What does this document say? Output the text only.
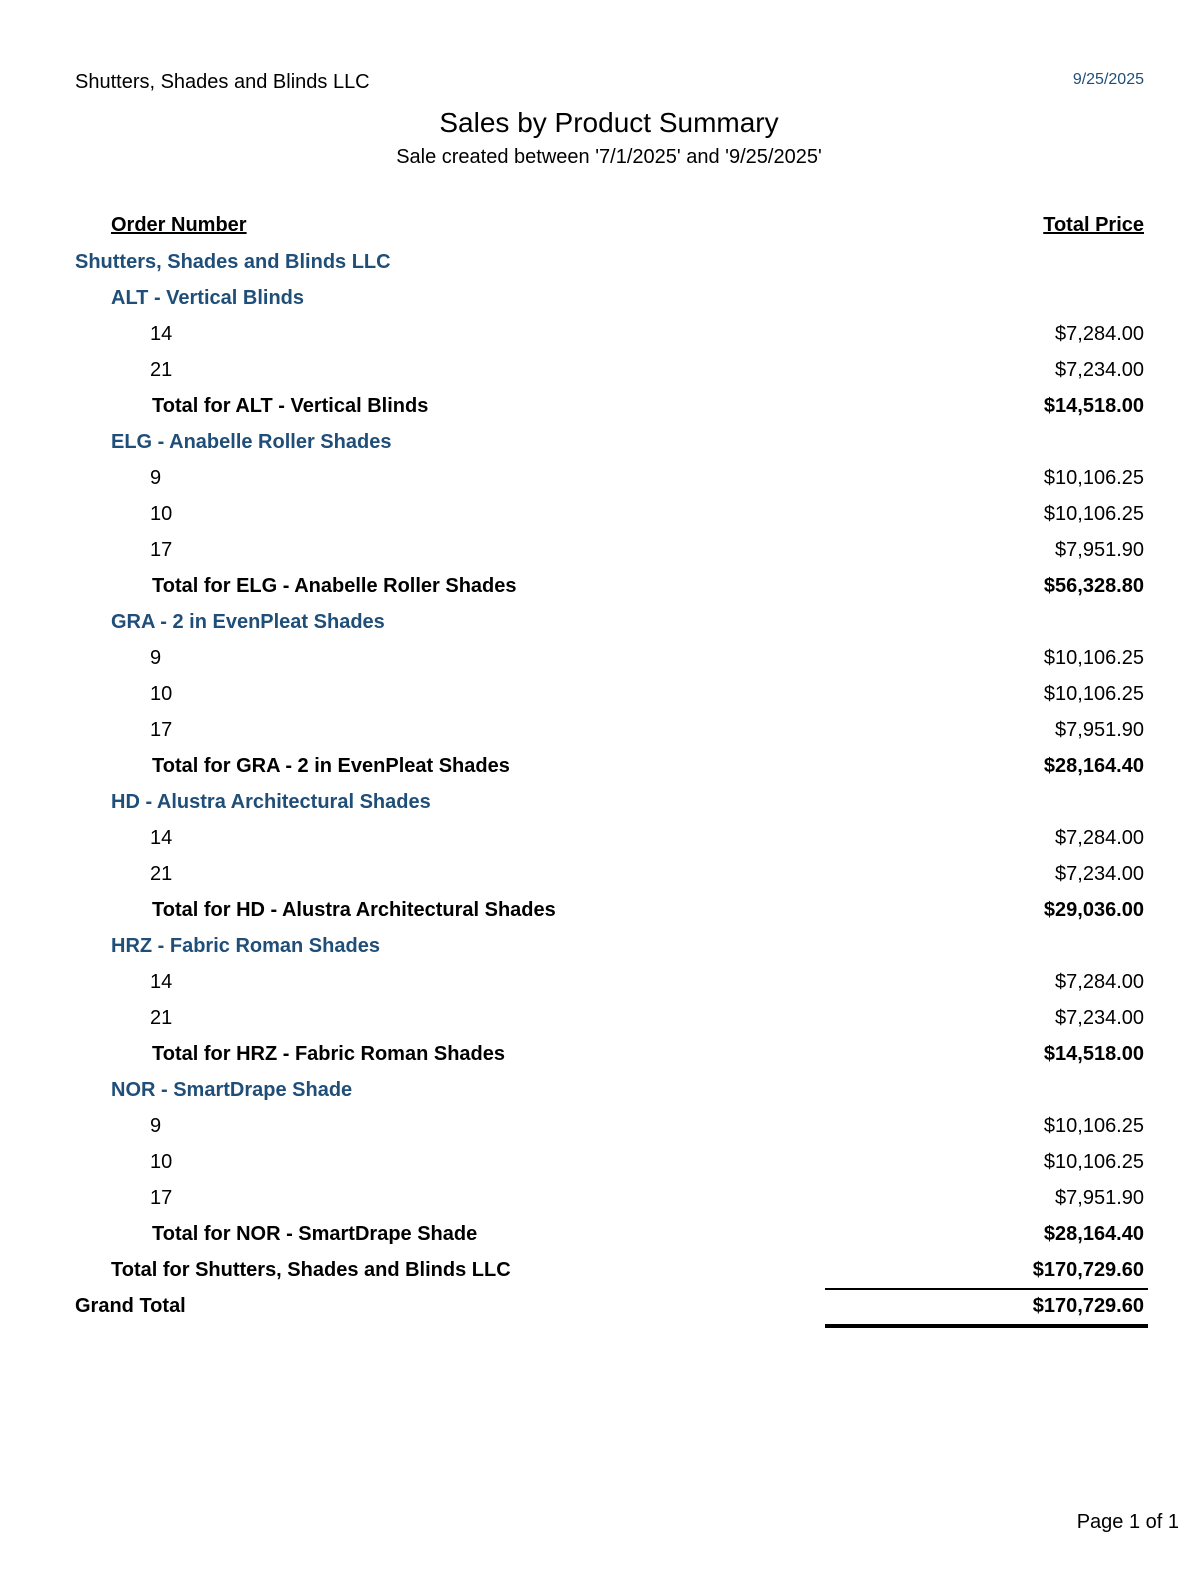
Shutters, Shades and Blinds LLC	9/25/2025
Sales by Product Summary
Sale created between '7/1/2025' and '9/25/2025'
Order Number	Total Price
Shutters, Shades and Blinds LLC
ALT - Vertical Blinds
14	$7,284.00
21	$7,234.00
Total for ALT - Vertical Blinds	$14,518.00
ELG - Anabelle Roller Shades
9	$10,106.25
10	$10,106.25
17	$7,951.90
Total for ELG - Anabelle Roller Shades	$56,328.80
GRA - 2 in EvenPleat Shades
9	$10,106.25
10	$10,106.25
17	$7,951.90
Total for GRA - 2 in EvenPleat Shades	$28,164.40
HD - Alustra Architectural Shades
14	$7,284.00
21	$7,234.00
Total for HD - Alustra Architectural Shades	$29,036.00
HRZ - Fabric Roman Shades
14	$7,284.00
21	$7,234.00
Total for HRZ - Fabric Roman Shades	$14,518.00
NOR - SmartDrape Shade
9	$10,106.25
10	$10,106.25
17	$7,951.90
Total for NOR - SmartDrape Shade	$28,164.40
Total for Shutters, Shades and Blinds LLC	$170,729.60
Grand Total	$170,729.60
Page 1 of 1
